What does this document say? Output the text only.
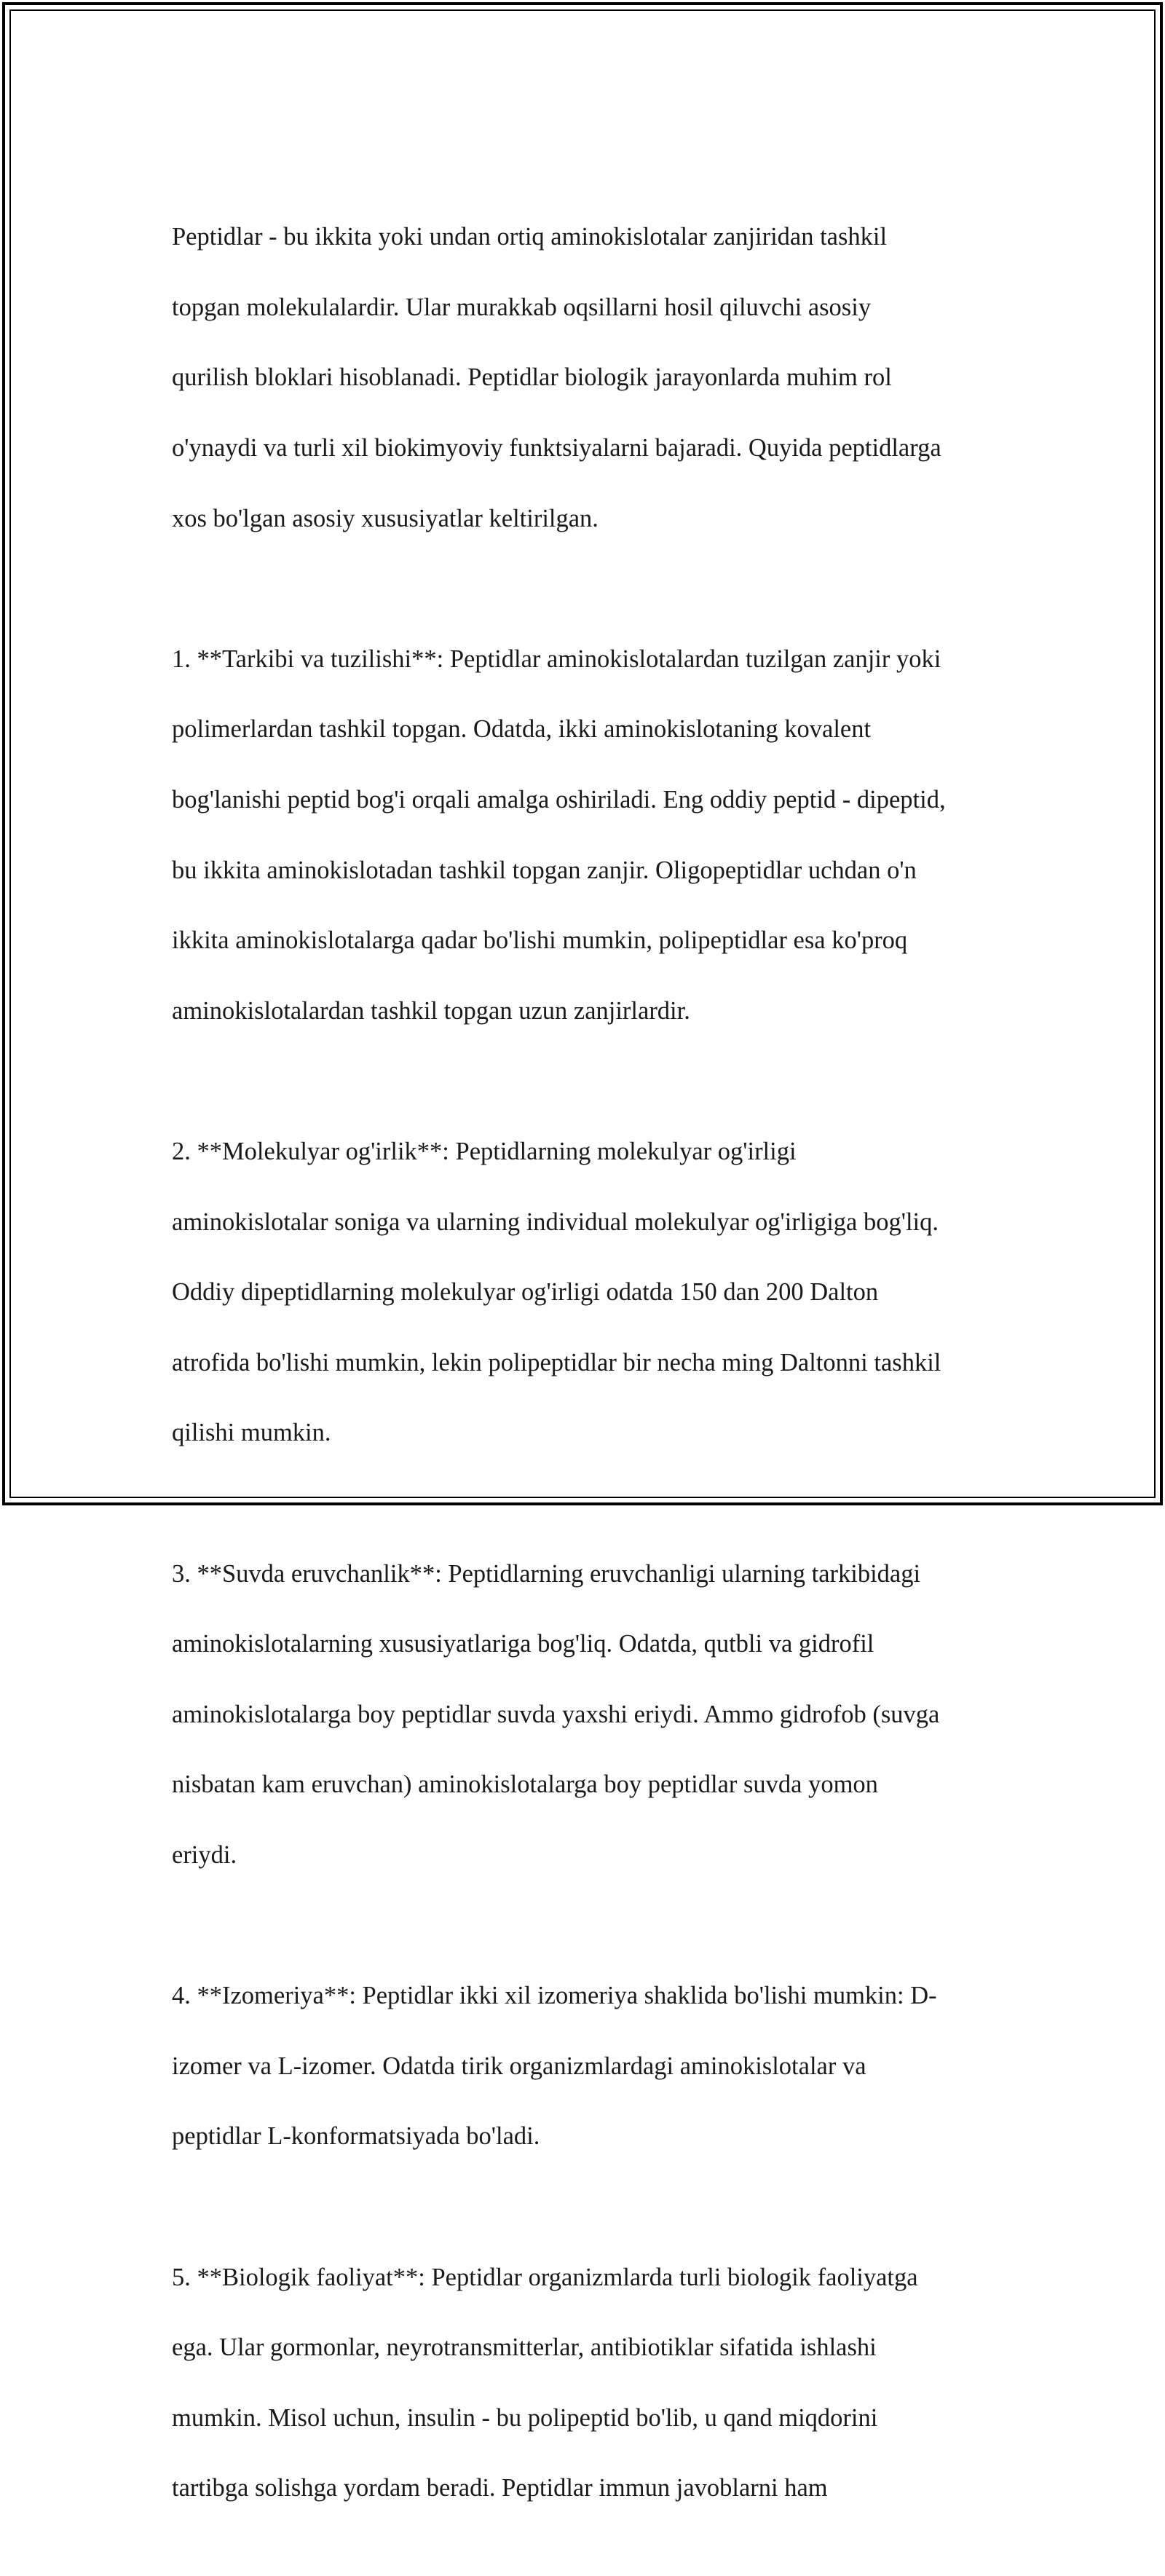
Peptidlar - bu ikkita yoki undan ortiq aminokislotalar zanjiridan tashkil

topgan molekulalardir. Ular murakkab oqsillarni hosil qiluvchi asosiy

qurilish bloklari hisoblanadi. Peptidlar biologik jarayonlarda muhim rol

o'ynaydi va turli xil biokimyoviy funktsiyalarni bajaradi. Quyida peptidlarga

xos bo'lgan asosiy xususiyatlar keltirilgan.

1. **Tarkibi va tuzilishi**: Peptidlar aminokislotalardan tuzilgan zanjir yoki

polimerlardan tashkil topgan. Odatda, ikki aminokislotaning kovalent

bog'lanishi peptid bog'i orqali amalga oshiriladi. Eng oddiy peptid - dipeptid,

bu ikkita aminokislotadan tashkil topgan zanjir. Oligopeptidlar uchdan o'n

ikkita aminokislotalarga qadar bo'lishi mumkin, polipeptidlar esa ko'proq

aminokislotalardan tashkil topgan uzun zanjirlardir.

2. **Molekulyar og'irlik**: Peptidlarning molekulyar og'irligi

aminokislotalar soniga va ularning individual molekulyar og'irligiga bog'liq.

Oddiy dipeptidlarning molekulyar og'irligi odatda 150 dan 200 Dalton

atrofida bo'lishi mumkin, lekin polipeptidlar bir necha ming Daltonni tashkil

qilishi mumkin.

3. **Suvda eruvchanlik**: Peptidlarning eruvchanligi ularning tarkibidagi

aminokislotalarning xususiyatlariga bog'liq. Odatda, qutbli va gidrofil

aminokislotalarga boy peptidlar suvda yaxshi eriydi. Ammo gidrofob (suvga

nisbatan kam eruvchan) aminokislotalarga boy peptidlar suvda yomon

eriydi.

4. **Izomeriya**: Peptidlar ikki xil izomeriya shaklida bo'lishi mumkin: D-

izomer va L-izomer. Odatda tirik organizmlardagi aminokislotalar va

peptidlar L-konformatsiyada bo'ladi.

5. **Biologik faoliyat**: Peptidlar organizmlarda turli biologik faoliyatga

ega. Ular gormonlar, neyrotransmitterlar, antibiotiklar sifatida ishlashi

mumkin. Misol uchun, insulin - bu polipeptid bo'lib, u qand miqdorini

tartibga solishga yordam beradi. Peptidlar immun javoblarni ham
